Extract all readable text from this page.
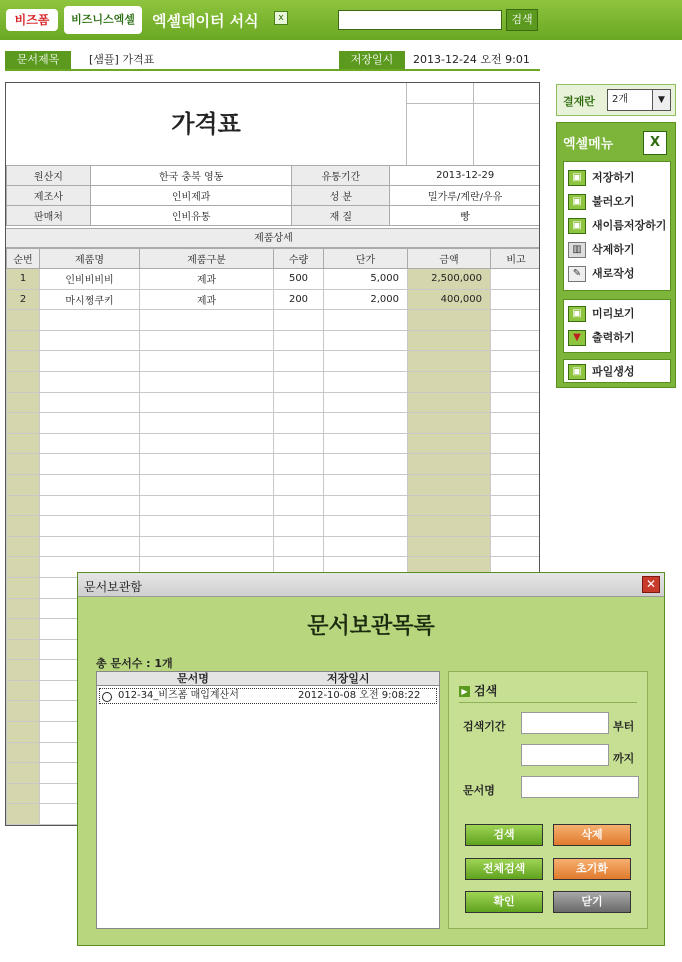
비즈폼	비즈니스엑셀	엑셀데이터 서식	x	검색
문서제목	[샘플] 가격표	저장일시	2013-12-24 오전 9:01
가격표
원산지	한국 충북 영동	유통기간	2013-12-29
제조사	인비제과	성 분	밀가루/계란/우유
판매처	인비유통	재 질	빵
제품상세
순번	제품명	제품구분	수량	단가	금액	비고
1	인비비비비	제과	500	5,000	2,500,000	
2	마시쩡쿠키	제과	200	2,000	400,000	

결재란	2개	▼
엑셀메뉴	X
▣ 저장하기
▣ 불러오기
▣ 새이름저장하기
▥ 삭제하기
✎ 새로작성
▣ 미리보기
▼	출력하기
▣ 파일생성
문서보관함	✕
문서보관목록
총 문서수 : 1개
문서명	저장일시
012-34_비즈폼 매입계산서	2012-10-08 오전 9:08:22	▶ 검색
검색기간	부터
까지
문서명
검색	삭제
전체검색	초기화
확인	닫기
